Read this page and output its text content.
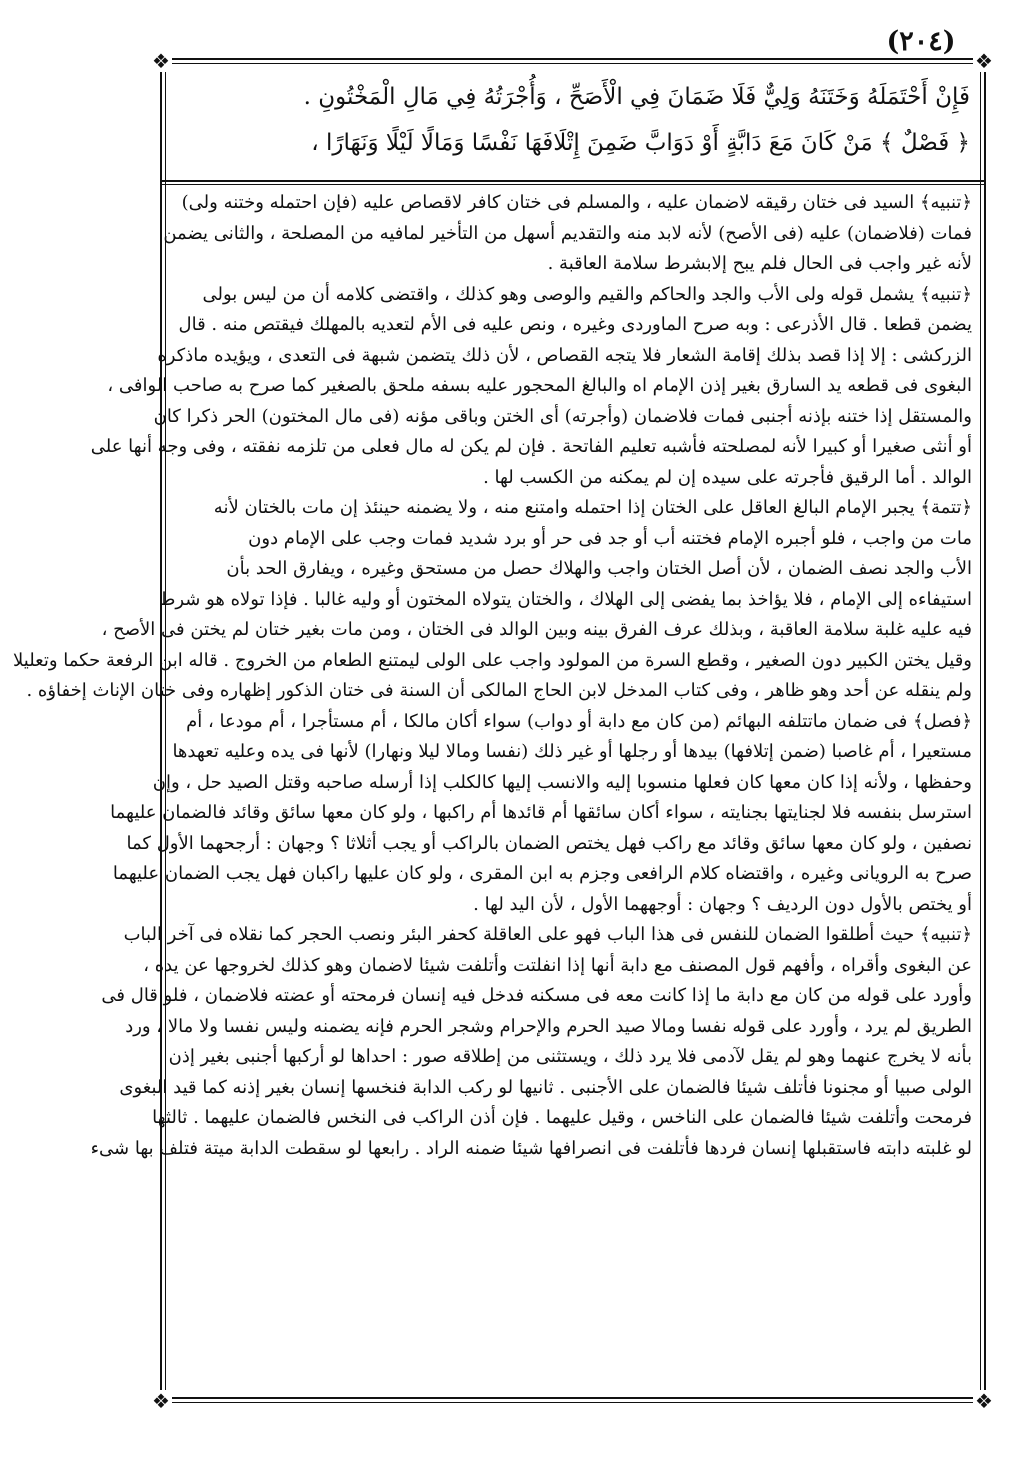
(٢٠٤)
❖	❖
❖	❖
فَإِنْ أَحْتَمَلَهُ وَخَتَنَهُ وَلِيٌّ فَلَا ضَمَانَ فِي الْأَصَحِّ ، وَأُجْرَتُهُ فِي مَالِ الْمَخْتُونِ .
﴿ فَصْلٌ ﴾ مَنْ كَانَ مَعَ دَابَّةٍ أَوْ دَوَابَّ ضَمِنَ إِتْلَافَهَا نَفْسًا وَمَالًا لَيْلًا وَنَهَارًا ،
﴿تنبيه﴾ السيد فى ختان رقيقه لاضمان عليه ، والمسلم فى ختان كافر لاقصاص عليه (فإن احتمله وختنه ولى)
فمات (فلاضمان) عليه (فى الأصح) لأنه لابد منه والتقديم أسهل من التأخير لمافيه من المصلحة ، والثانى يضمن
لأنه غير واجب فى الحال فلم يبح إلابشرط سلامة العاقبة .
﴿تنبيه﴾ يشمل قوله ولى الأب والجد والحاكم والقيم والوصى وهو كذلك ، واقتضى كلامه أن من ليس بولى
يضمن قطعا . قال الأذرعى : وبه صرح الماوردى وغيره ، ونص عليه فى الأم لتعديه بالمهلك فيقتص منه . قال
الزركشى : إلا إذا قصد بذلك إقامة الشعار فلا يتجه القصاص ، لأن ذلك يتضمن شبهة فى التعدى ، ويؤيده ماذكره
البغوى فى قطعه يد السارق بغير إذن الإمام اه والبالغ المحجور عليه بسفه ملحق بالصغير كما صرح به صاحب الوافى ،
والمستقل إذا ختنه بإذنه أجنبى فمات فلاضمان (وأجرته) أى الختن وباقى مؤنه (فى مال المختون) الحر ذكرا كان
أو أنثى صغيرا أو كبيرا لأنه لمصلحته فأشبه تعليم الفاتحة . فإن لم يكن له مال فعلى من تلزمه نفقته ، وفى وجه أنها على
الوالد . أما الرقيق فأجرته على سيده إن لم يمكنه من الكسب لها .
﴿تتمة﴾ يجبر الإمام البالغ العاقل على الختان إذا احتمله وامتنع منه ، ولا يضمنه حينئذ إن مات بالختان لأنه
مات من واجب ، فلو أجبره الإمام فختنه أب أو جد فى حر أو برد شديد فمات وجب على الإمام دون
الأب والجد نصف الضمان ، لأن أصل الختان واجب والهلاك حصل من مستحق وغيره ، ويفارق الحد بأن
استيفاءه إلى الإمام ، فلا يؤاخذ بما يفضى إلى الهلاك ، والختان يتولاه المختون أو وليه غالبا . فإذا تولاه هو شرط
فيه عليه غلبة سلامة العاقبة ، وبذلك عرف الفرق بينه وبين الوالد فى الختان ، ومن مات بغير ختان لم يختن فى الأصح ،
وقيل يختن الكبير دون الصغير ، وقطع السرة من المولود واجب على الولى ليمتنع الطعام من الخروج . قاله ابن الرفعة حكما وتعليلا
ولم ينقله عن أحد وهو ظاهر ، وفى كتاب المدخل لابن الحاج المالكى أن السنة فى ختان الذكور إظهاره وفى ختان الإناث إخفاؤه .
﴿فصل﴾ فى ضمان ماتتلفه البهائم (من كان مع دابة أو دواب) سواء أكان مالكا ، أم مستأجرا ، أم مودعا ، أم
مستعيرا ، أم غاصبا (ضمن إتلافها) بيدها أو رجلها أو غير ذلك (نفسا ومالا ليلا ونهارا) لأنها فى يده وعليه تعهدها
وحفظها ، ولأنه إذا كان معها كان فعلها منسوبا إليه والانسب إليها كالكلب إذا أرسله صاحبه وقتل الصيد حل ، وإن
استرسل بنفسه فلا لجنايتها بجنايته ، سواء أكان سائقها أم قائدها أم راكبها ، ولو كان معها سائق وقائد فالضمان عليهما
نصفين ، ولو كان معها سائق وقائد مع راكب فهل يختص الضمان بالراكب أو يجب أثلاثا ؟ وجهان : أرجحهما الأول كما
صرح به الرويانى وغيره ، واقتضاه كلام الرافعى وجزم به ابن المقرى ، ولو كان عليها راكبان فهل يجب الضمان عليهما
أو يختص بالأول دون الرديف ؟ وجهان : أوجههما الأول ، لأن اليد لها .
﴿تنبيه﴾ حيث أطلقوا الضمان للنفس فى هذا الباب فهو على العاقلة كحفر البئر ونصب الحجر كما نقلاه فى آخر الباب
عن البغوى وأقراه ، وأفهم قول المصنف مع دابة أنها إذا انفلتت وأتلفت شيئا لاضمان وهو كذلك لخروجها عن يده ،
وأورد على قوله من كان مع دابة ما إذا كانت معه فى مسكنه فدخل فيه إنسان فرمحته أو عضته فلاضمان ، فلو قال فى
الطريق لم يرد ، وأورد على قوله نفسا ومالا صيد الحرم والإحرام وشجر الحرم فإنه يضمنه وليس نفسا ولا مالا ، ورد
بأنه لا يخرج عنهما وهو لم يقل لآدمى فلا يرد ذلك ، ويستثنى من إطلاقه صور : احداها لو أركبها أجنبى بغير إذن
الولى صبيا أو مجنونا فأتلف شيئا فالضمان على الأجنبى . ثانيها لو ركب الدابة فنخسها إنسان بغير إذنه كما قيد البغوى
فرمحت وأتلفت شيئا فالضمان على الناخس ، وقيل عليهما . فإن أذن الراكب فى النخس فالضمان عليهما . ثالثها
لو غلبته دابته فاستقبلها إنسان فردها فأتلفت فى انصرافها شيئا ضمنه الراد . رابعها لو سقطت الدابة ميتة فتلف بها شىء
